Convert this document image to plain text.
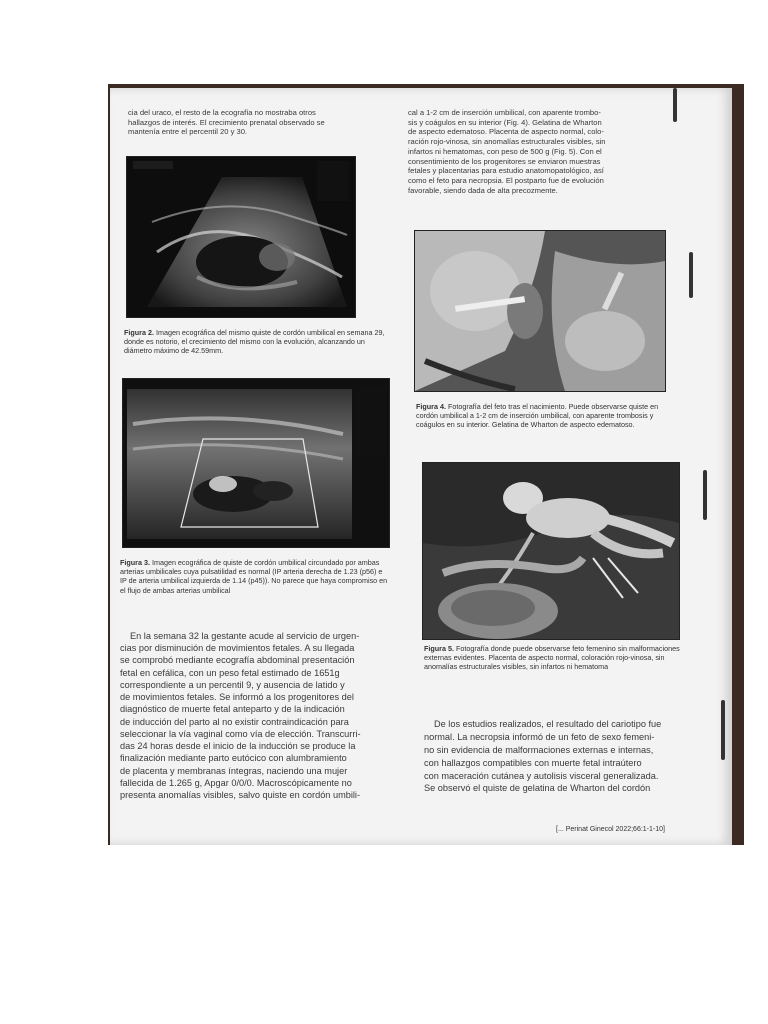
cia del uraco, el resto de la ecografía no mostraba otros
hallazgos de interés. El crecimiento prenatal observado se
mantenía entre el percentil 20 y 30.
Figura 2. Imagen ecográfica del mismo quiste de cordón umbilical en semana 29, donde es notorio, el crecimiento del mismo con la evolución, alcanzando un diámetro máximo de 42.59mm.
Figura 3. Imagen ecográfica de quiste de cordón umbilical circundado por ambas arterias umbilicales cuya pulsatilidad es normal (IP arteria derecha de 1.23 (p56) e IP de arteria umbilical izquierda de 1.14 (p45)). No parece que haya compromiso en el flujo de ambas arterias umbilical
En la semana 32 la gestante acude al servicio de urgen-
cias por disminución de movimientos fetales. A su llegada
se comprobó mediante ecografía abdominal presentación
fetal en cefálica, con un peso fetal estimado de 1651g
correspondiente a un percentil 9, y ausencia de latido y
de movimientos fetales. Se informó a los progenitores del
diagnóstico de muerte fetal anteparto y de la indicación
de inducción del parto al no existir contraindicación para
seleccionar la vía vaginal como vía de elección. Transcurri-
das 24 horas desde el inicio de la inducción se produce la
finalización mediante parto eutócico con alumbramiento
de placenta y membranas íntegras, naciendo una mujer
fallecida de 1.265 g, Apgar 0/0/0. Macroscópicamente no
presenta anomalías visibles, salvo quiste en cordón umbili-
cal a 1-2 cm de inserción umbilical, con aparente trombo-
sis y coágulos en su interior (Fig. 4). Gelatina de Wharton
de aspecto edematoso. Placenta de aspecto normal, colo-
ración rojo-vinosa, sin anomalías estructurales visibles, sin
infartos ni hematomas, con peso de 500 g (Fig. 5). Con el
consentimiento de los progenitores se enviaron muestras
fetales y placentarias para estudio anatomopatológico, así
como el feto para necropsia. El postparto fue de evolución
favorable, siendo dada de alta precozmente.
Figura 4. Fotografía del feto tras el nacimiento. Puede observarse quiste en cordón umbilical a 1-2 cm de inserción umbilical, con aparente trombosis y coágulos en su interior. Gelatina de Wharton de aspecto edematoso.
Figura 5. Fotografía donde puede observarse feto femenino sin malformaciones externas evidentes. Placenta de aspecto normal, coloración rojo-vinosa, sin anomalías estructurales visibles, sin infartos ni hematoma
De los estudios realizados, el resultado del cariotipo fue
normal. La necropsia informó de un feto de sexo femeni-
no sin evidencia de malformaciones externas e internas,
con hallazgos compatibles con muerte fetal intraútero
con maceración cutánea y autolisis visceral generalizada.
Se observó el quiste de gelatina de Wharton del cordón
[... Perinat Ginecol 2022;66:1-1-10]
